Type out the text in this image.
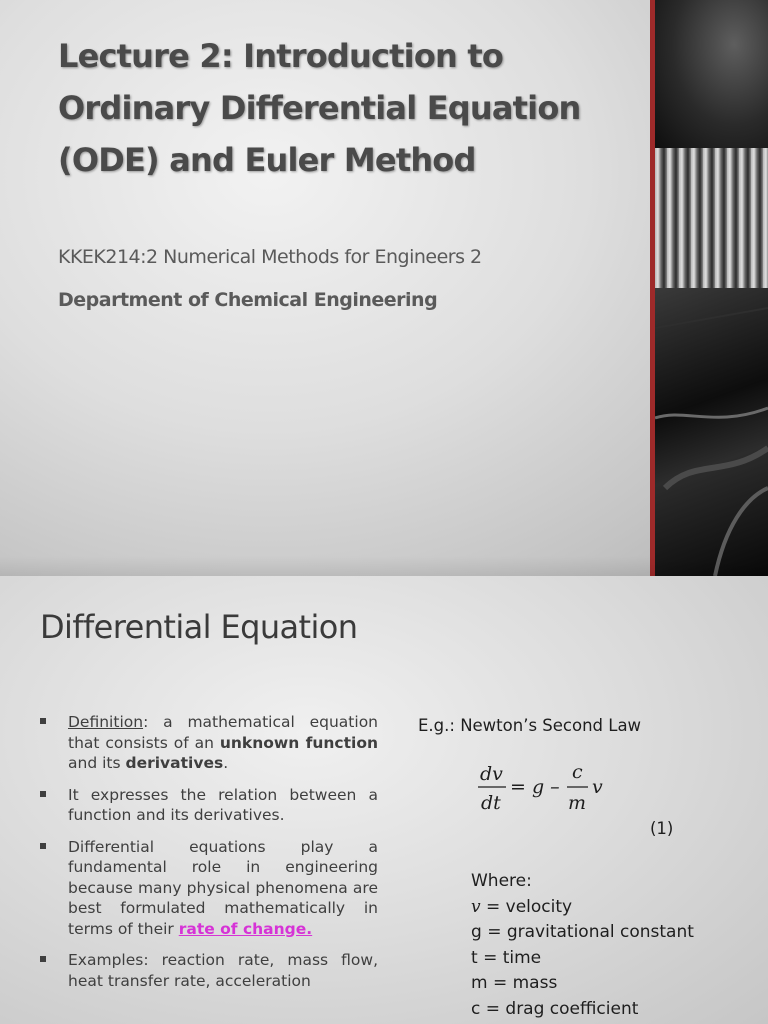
Lecture 2: Introduction to
Ordinary Differential Equation
(ODE) and Euler Method
KKEK214:2 Numerical Methods for Engineers 2
Department of Chemical Engineering
Differential Equation
Definition: a mathematical equation that consists of an unknown function and its derivatives.
It expresses the relation between a function and its derivatives.
Differential equations play a fundamental role in engineering because many physical phenomena are best formulated mathematically in terms of their rate of change.
Examples: reaction rate, mass flow, heat transfer rate, acceleration
E.g.: Newton’s Second Law
dv
dt
= g –
c
m
v
(1)
Where:
v = velocity
g = gravitational constant
t = time
m = mass
c = drag coefficient
